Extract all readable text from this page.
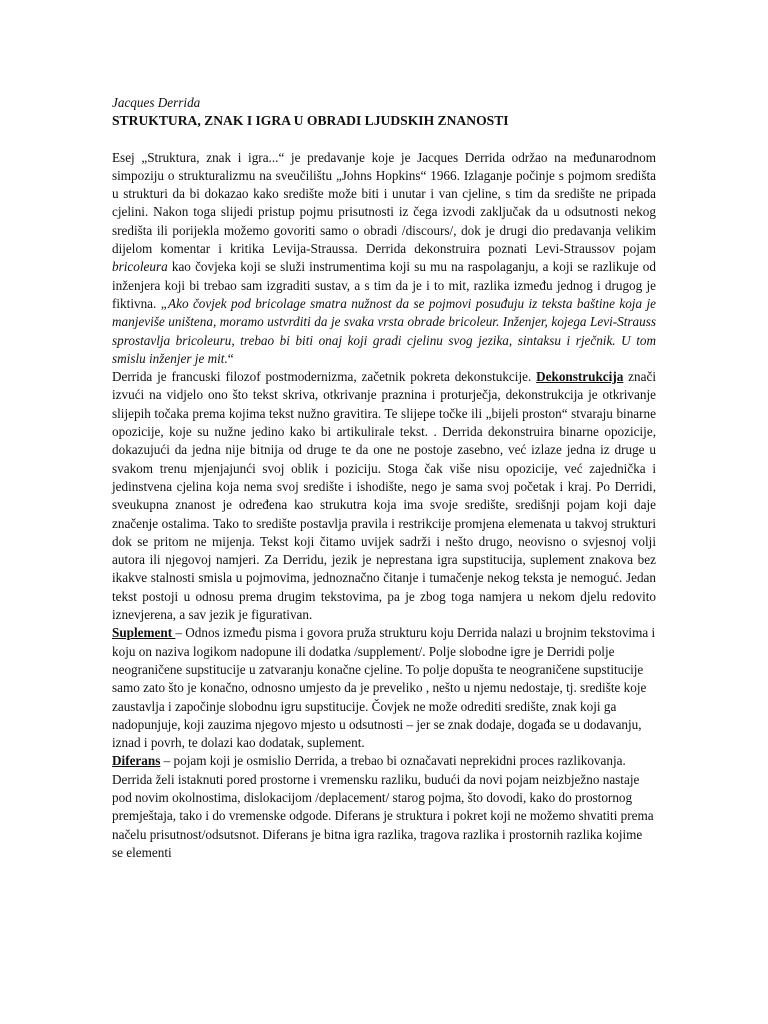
Jacques Derrida

STRUKTURA, ZNAK I IGRA U OBRADI LJUDSKIH ZNANOSTI

Esej „Struktura, znak i igra...“ je predavanje koje je Jacques Derrida održao na međunarodnom simpoziju o strukturalizmu na sveučilištu „Johns Hopkins“ 1966. Izlaganje počinje s pojmom središta u strukturi da bi dokazao kako središte može biti i unutar i van cjeline, s tim da središte ne pripada cjelini. Nakon toga slijedi pristup pojmu prisutnosti iz čega izvodi zaključak da u odsutnosti nekog središta ili porijekla možemo govoriti samo o obradi /discours/, dok je drugi dio predavanja velikim dijelom komentar i kritika Levija-Straussa. Derrida dekonstruira poznati Levi-Straussov pojam bricoleura kao čovjeka koji se služi instrumentima koji su mu na raspolaganju, a koji se razlikuje od inženjera koji bi trebao sam izgraditi sustav, a s tim da je i to mit, razlika između jednog i drugog je fiktivna. „Ako čovjek pod bricolage smatra nužnost da se pojmovi posuđuju iz teksta baštine koja je manjeviše uništena, moramo ustvrditi da je svaka vrsta obrade bricoleur. Inženjer, kojega Levi-Strauss sprostavlja bricoleuru, trebao bi biti onaj koji gradi cjelinu svog jezika, sintaksu i rječnik. U tom smislu inženjer je mit.“

Derrida je francuski filozof postmodernizma, začetnik pokreta dekonstukcije. Dekonstrukcija znači izvući na vidjelo ono što tekst skriva, otkrivanje praznina i proturječja, dekonstrukcija je otkrivanje slijepih točaka prema kojima tekst nužno gravitira. Te slijepe točke ili „bijeli proston“ stvaraju binarne opozicije, koje su nužne jedino kako bi artikulirale tekst. . Derrida dekonstruira binarne opozicije, dokazujući da jedna nije bitnija od druge te da one ne postoje zasebno, već izlaze jedna iz druge u svakom trenu mjenjajunći svoj oblik i poziciju. Stoga čak više nisu opozicije, već zajednička i jedinstvena cjelina koja nema svoj središte i ishodište, nego je sama svoj početak i kraj. Po Derridi, sveukupna znanost je određena kao strukutra koja ima svoje središte, središnji pojam koji daje značenje ostalima. Tako to središte postavlja pravila i restrikcije promjena elemenata u takvoj strukturi dok se pritom ne mijenja. Tekst koji čitamo uvijek sadrži i nešto drugo, neovisno o svjesnoj volji autora ili njegovoj namjeri. Za Derridu, jezik je neprestana igra supstitucija, suplement znakova bez ikakve stalnosti smisla u pojmovima, jednoznačno čitanje i tumačenje nekog teksta je nemoguć. Jedan tekst postoji u odnosu prema drugim tekstovima, pa je zbog toga namjera u nekom djelu redovito iznevjerena, a sav jezik je figurativan.

Suplement – Odnos između pisma i govora pruža strukturu koju Derrida nalazi u brojnim tekstovima i koju on naziva logikom nadopune ili dodatka /supplement/. Polje slobodne igre je Derridi polje neograničene supstitucije u zatvaranju konačne cjeline. To polje dopušta te neograničene supstitucije samo zato što je konačno, odnosno umjesto da je preveliko , nešto u njemu nedostaje, tj. središte koje zaustavlja i započinje slobodnu igru supstitucije. Čovjek ne može odrediti središte, znak koji ga nadopunjuje, koji zauzima njegovo mjesto u odsutnosti – jer se znak dodaje, događa se u dodavanju, iznad i povrh, te dolazi kao dodatak, suplement.

Diferans – pojam koji je osmislio Derrida, a trebao bi označavati neprekidni proces razlikovanja. Derrida želi istaknuti pored prostorne i vremensku razliku, budući da novi pojam neizbježno nastaje pod novim okolnostima, dislokacijom /deplacement/ starog pojma, što dovodi, kako do prostornog premještaja, tako i do vremenske odgode. Diferans je struktura i pokret koji ne možemo shvatiti prema načelu prisutnost/odsutsnot. Diferans je bitna igra razlika, tragova razlika i prostornih razlika kojime se elementi
